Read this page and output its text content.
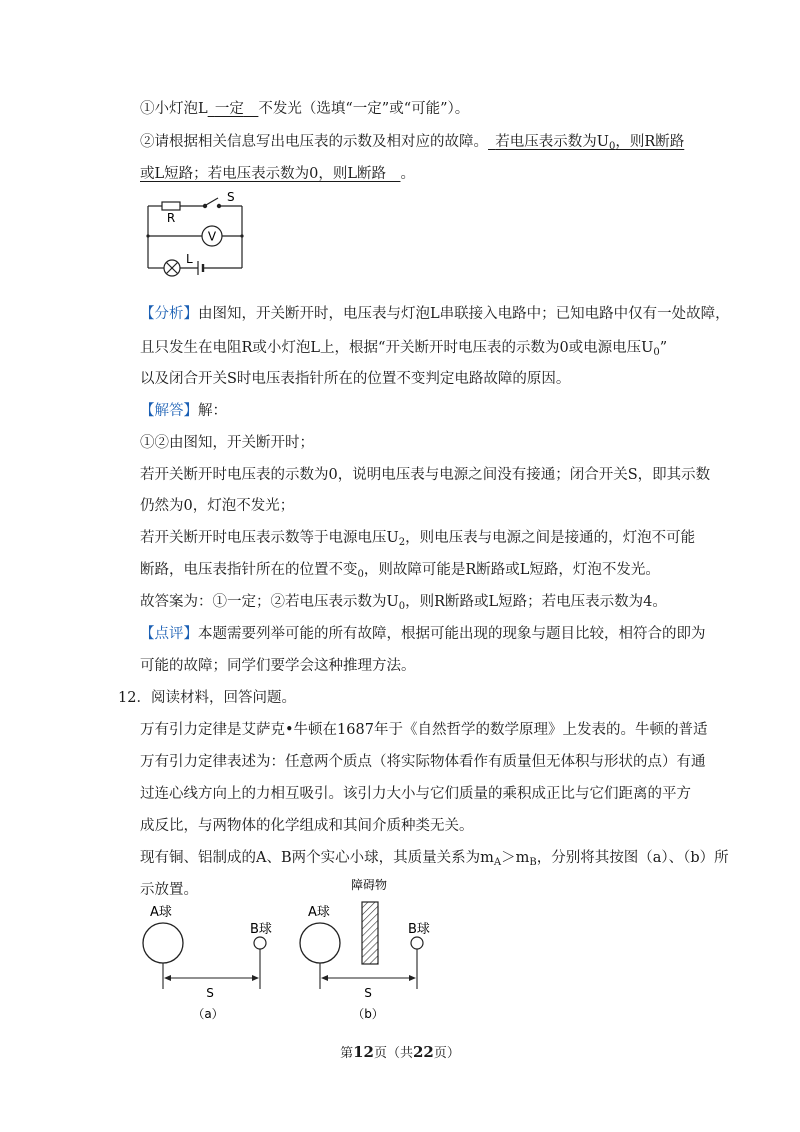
①小灯泡L  一定   不发光（选填“一定”或“可能”）。
②请根据相关信息写出电压表的示数及相对应的故障。  若电压表示数为$U_0$，则R断路
或L短路；若电压表示数为0，则L断路   。
R
S
V
L
【分析】由图知，开关断开时，电压表与灯泡L串联接入电路中；已知电路中仅有一处故障，
且只发生在电阻R或小灯泡L上，根据“开关断开时电压表的示数为0或电源电压$U_0$”
以及闭合开关S时电压表指针所在的位置不变判定电路故障的原因。
【解答】解：
①②由图知，开关断开时；
若开关断开时电压表的示数为0，说明电压表与电源之间没有接通；闭合开关S，即其示数
仍然为0，灯泡不发光；
若开关断开时电压表示数等于电源电压$U_2$，则电压表与电源之间是接通的，灯泡不可能
断路，电压表指针所在的位置不变$_0$，则故障可能是R断路或L短路，灯泡不发光。
故答案为：①一定；②若电压表示数为$U_0$，则R断路或L短路；若电压表示数为4。
【点评】本题需要列举可能的所有故障，根据可能出现的现象与题目比较，相符合的即为
可能的故障；同学们要学会这种推理方法。
12．阅读材料，回答问题。
万有引力定律是艾萨克•牛顿在1687年于《自然哲学的数学原理》上发表的。牛顿的普适
万有引力定律表述为：任意两个质点（将实际物体看作有质量但无体积与形状的点）有通
过连心线方向上的力相互吸引。该引力大小与它们质量的乘积成正比与它们距离的平方
成反比，与两物体的化学组成和其间介质种类无关。
现有铜、铝制成的A、B两个实心小球，其质量关系为$m_A>m_B$，分别将其按图（a）、（b）所
示放置。
A球
B球
S
（a）
A球
障碍物
B球
S
（b）
第12页（共22页）
